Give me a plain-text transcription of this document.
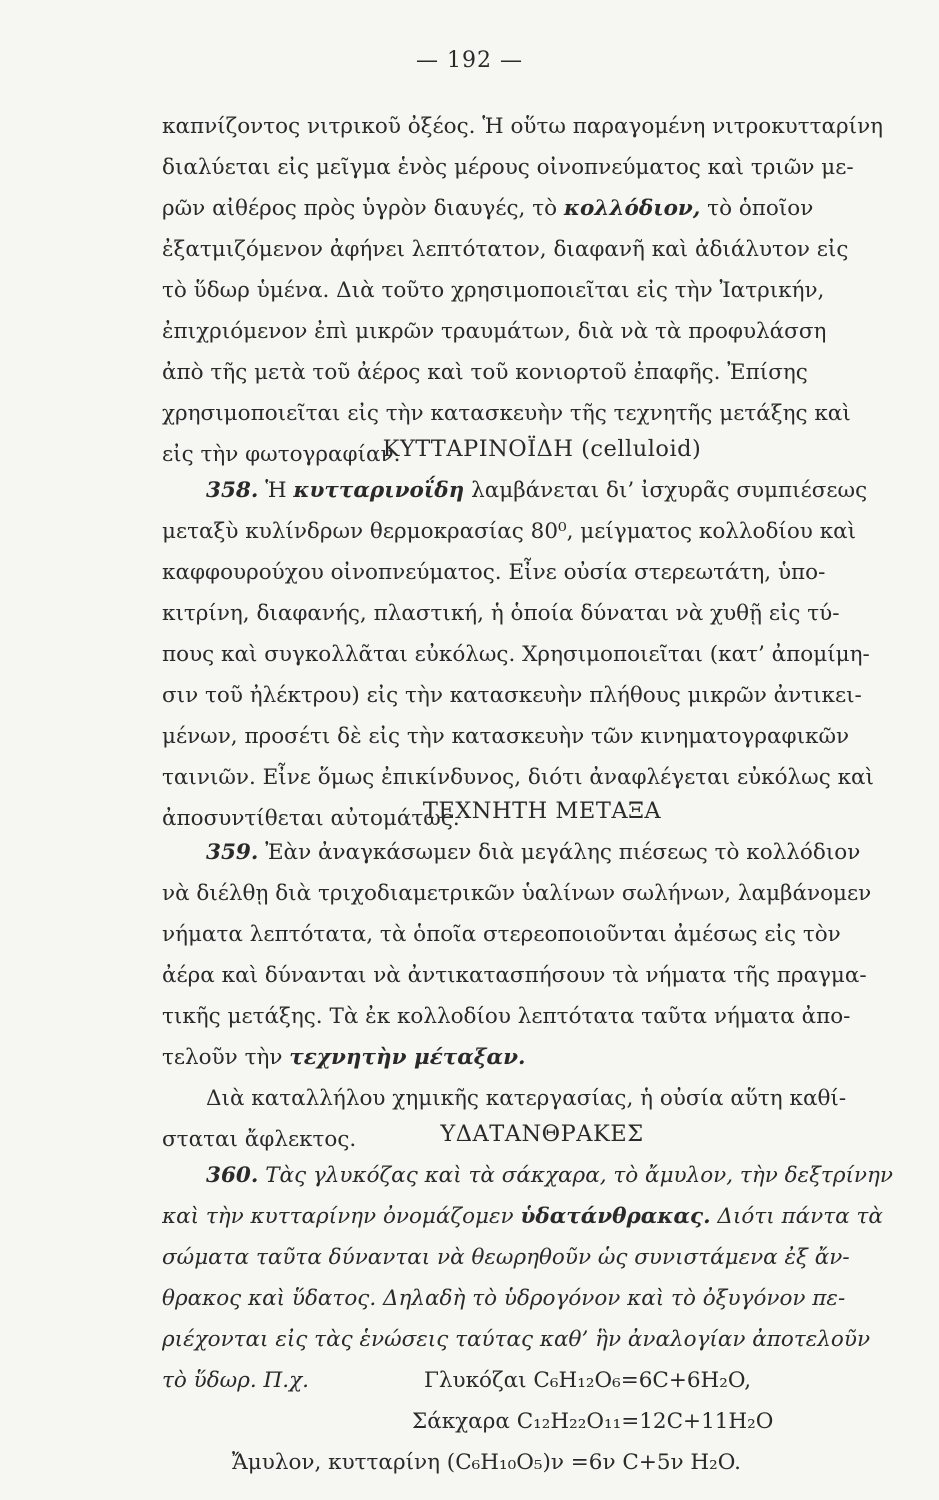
— 192 —
καπνίζοντος νιτρικοῦ ὀξέος. Ἡ οὕτω παραγομένη νιτροκυτταρίνη
διαλύεται εἰς μεῖγμα ἑνὸς μέρους οἰνοπνεύματος καὶ τριῶν με-
ρῶν αἰθέρος πρὸς ὑγρὸν διαυγές, τὸ κολλόδιον, τὸ ὁποῖον
ἐξατμιζόμενον ἀφήνει λεπτότατον, διαφανῆ καὶ ἀδιάλυτον εἰς
τὸ ὕδωρ ὑμένα. Διὰ τοῦτο χρησιμοποιεῖται εἰς τὴν Ἰατρικήν,
ἐπιχριόμενον ἐπὶ μικρῶν τραυμάτων, διὰ νὰ τὰ προφυλάσση
ἀπὸ τῆς μετὰ τοῦ ἀέρος καὶ τοῦ κονιορτοῦ ἐπαφῆς. Ἐπίσης
χρησιμοποιεῖται εἰς τὴν κατασκευὴν τῆς τεχνητῆς μετάξης καὶ
εἰς τὴν φωτογραφίαν.
ΚΥΤΤΑΡΙΝΟΪΔΗ (celluloid)
358. Ἡ κυτταρινοΐδη λαμβάνεται δι’ ἰσχυρᾶς συμπιέσεως
μεταξὺ κυλίνδρων θερμοκρασίας 80⁰, μείγματος κολλοδίου καὶ
καφφουρούχου οἰνοπνεύματος. Εἶνε οὐσία στερεωτάτη, ὑπο-
κιτρίνη, διαφανής, πλαστική, ἡ ὁποία δύναται νὰ χυθῇ εἰς τύ-
πους καὶ συγκολλᾶται εὐκόλως. Χρησιμοποιεῖται (κατ’ ἀπομίμη-
σιν τοῦ ἠλέκτρου) εἰς τὴν κατασκευὴν πλήθους μικρῶν ἀντικει-
μένων, προσέτι δὲ εἰς τὴν κατασκευὴν τῶν κινηματογραφικῶν
ταινιῶν. Εἶνε ὅμως ἐπικίνδυνος, διότι ἀναφλέγεται εὐκόλως καὶ
ἀποσυντίθεται αὐτομάτως.
ΤΕΧΝΗΤΗ ΜΕΤΑΞΑ
359. Ἐὰν ἀναγκάσωμεν διὰ μεγάλης πιέσεως τὸ κολλόδιον
νὰ διέλθῃ διὰ τριχοδιαμετρικῶν ὑαλίνων σωλήνων, λαμβάνομεν
νήματα λεπτότατα, τὰ ὁποῖα στερεοποιοῦνται ἀμέσως εἰς τὸν
ἀέρα καὶ δύνανται νὰ ἀντικατασπήσουν τὰ νήματα τῆς πραγμα-
τικῆς μετάξης. Τὰ ἐκ κολλοδίου λεπτότατα ταῦτα νήματα ἀπο-
τελοῦν τὴν τεχνητὴν μέταξαν.
Διὰ καταλλήλου χημικῆς κατεργασίας, ἡ οὐσία αὕτη καθί-
σταται ἄφλεκτος.	ΥΔΑΤΑΝΘΡΑΚΕΣ
360. Τὰς γλυκόζας καὶ τὰ σάκχαρα, τὸ ἄμυλον, τὴν δεξτρίνην
καὶ τὴν κυτταρίνην ὀνομάζομεν ὑδατάνθρακας. Διότι πάντα τὰ
σώματα ταῦτα δύνανται νὰ θεωρηθοῦν ὡς συνιστάμενα ἐξ ἄν-
θρακος καὶ ὕδατος. Δηλαδὴ τὸ ὑδρογόνον καὶ τὸ ὀξυγόνον πε-
ριέχονται εἰς τὰς ἑνώσεις ταύτας καθ’ ἣν ἀναλογίαν ἀποτελοῦν
τὸ ὕδωρ. Π.χ.	Γλυκόζαι C₆H₁₂O₆=6C+6H₂O,
Σάκχαρα C₁₂H₂₂O₁₁=12C+11H₂O
Ἄμυλον, κυτταρίνη (C₆H₁₀O₅)ν =6ν C+5ν H₂O.
